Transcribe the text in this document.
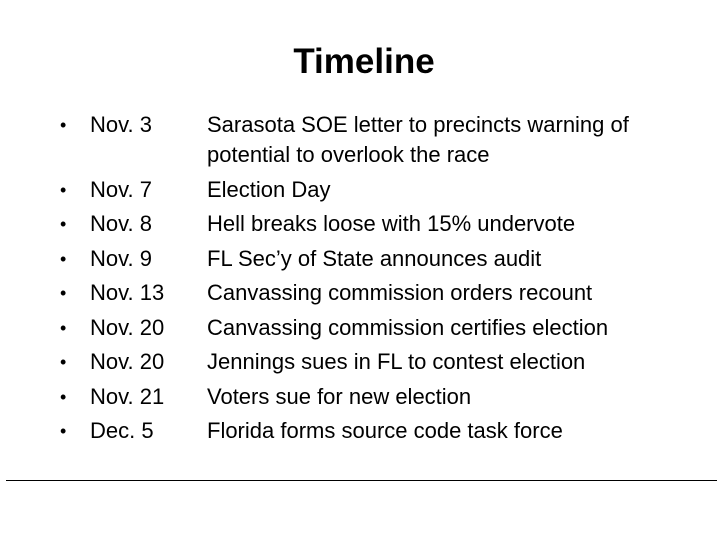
Timeline
•	Nov. 3	Sarasota SOE letter to precincts warning of potential to overlook the race
•	Nov. 7	Election Day
•	Nov. 8	Hell breaks loose with 15% undervote
•	Nov. 9	FL Sec’y of State announces audit
•	Nov. 13 Canvassing commission orders recount
•	Nov. 20 Canvassing commission certifies election
•	Nov. 20 Jennings sues in FL to contest election
•	Nov. 21 Voters sue for new election
•	Dec. 5 Florida forms source code task force
